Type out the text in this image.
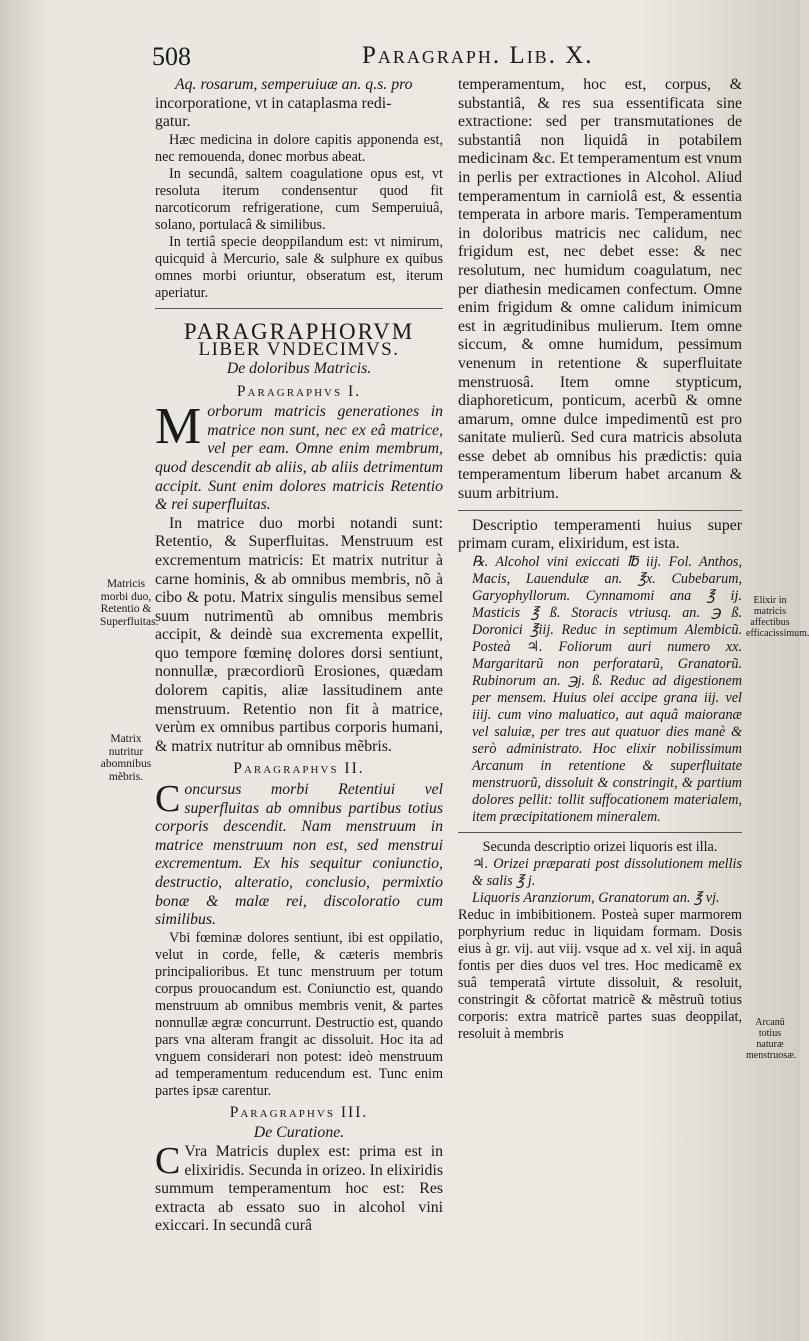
508	Paragraph. Lib. X.

Aq. rosarum, semperuiuæ an. q.s. pro

incorporatione, vt in cataplasma redi-

gatur.

Hæc medicina in dolore capitis apponenda est, nec remouenda, donec morbus abeat.

In secundâ, saltem coagulatione opus est, vt resoluta iterum condensentur quod fit narcoticorum refrigeratione, cum Semperuiuâ, solano, portulacâ & similibus.

In tertiâ specie deoppilandum est: vt nimirum, quicquid à Mercurio, sale & sulphure ex quibus omnes morbi oriuntur, obseratum est, iterum aperiatur.

PARAGRAPHORVM
LIBER VNDECIMVS.
De doloribus Matricis.
Paragraphvs I.

Morborum matricis generationes in matrice non sunt, nec ex eâ matrice, vel per eam. Omne enim membrum, quod descendit ab aliis, ab aliis detrimentum accipit. Sunt enim dolores matricis Retentio & rei superfluitas.

In matrice duo morbi notandi sunt: Retentio, & Superfluitas. Menstruum est excrementum matricis: Et matrix nutritur à carne hominis, & ab omnibus membris, nõ à cibo & potu. Matrix singulis mensibus semel suum nutrimentũ ab omnibus membris accipit, & deindè sua excrementa expellit, quo tempore fœminę dolores dorsi sentiunt, nonnullæ, præcordiorũ Erosiones, quædam dolorem capitis, aliæ lassitudinem ante menstruum. Retentio non fit à matrice, verùm ex omnibus partibus corporis humani, & matrix nutritur ab omnibus mẽbris.

Paragraphvs II.

Concursus morbi Retentiui vel superfluitas ab omnibus partibus totius corporis descendit. Nam menstruum in matrice menstruum non est, sed menstrui excrementum. Ex his sequitur coniunctio, destructio, alteratio, conclusio, permixtio bonæ & malæ rei, discoloratio cum similibus.

Vbi fœminæ dolores sentiunt, ibi est oppilatio, velut in corde, felle, & cæteris membris principalioribus. Et tunc menstruum per totum corpus prouocandum est. Coniunctio est, quando menstruum ab omnibus membris venit, & partes nonnullæ ægræ concurrunt. Destructio est, quando pars vna alteram frangit ac dissoluit. Hoc ita ad vnguem considerari non potest: ideò menstruum ad temperamentum reducendum est. Tunc enim partes ipsæ carentur.

Paragraphvs III.
De Curatione.

C Vra Matricis duplex est: prima est in elixiridis. Secunda in orizeo. In elixiridis summum temperamentum hoc est: Res extracta ab essato suo in alcohol vini exiccari. In secundâ curâ

Matricis morbi duo, Retentio & Superfluitas.
Matrix nutritur abomnibus mẽbris.
Elixir in matricis affectibus efficacissimum.
Arcanũ totius naturæ menstruosæ.

temperamentum, hoc est, corpus, & substantiâ, & res sua essentificata sine extractione: sed per transmutationes de substantiâ non liquidâ in potabilem medicinam &c. Et temperamentum est vnum in perlis per extractiones in Alcohol. Aliud temperamentum in carniolâ est, & essentia temperata in arbore maris. Temperamentum in doloribus matricis nec calidum, nec frigidum est, nec debet esse: & nec resolutum, nec humidum coagulatum, nec per diathesin medicamen confectum. Omne enim frigidum & omne calidum inimicum est in ægritudinibus mulierum. Item omne siccum, & omne humidum, pessimum venenum in retentione & superfluitate menstruosâ. Item omne stypticum, diaphoreticum, ponticum, acerbũ & omne amarum, omne dulce impedimentũ est pro sanitate mulierũ. Sed cura matricis absoluta esse debet ab omnibus his prædictis: quia temperamentum liberum habet arcanum & suum arbitrium.

Descriptio temperamenti huius super primam curam, elixiridum, est ista.

℞. Alcohol vini exiccati ℔ iij. Fol. Anthos, Macis, Lauendulæ an. ℥x. Cubebarum, Garyophyllorum. Cynnamomi ana ℥ ij. Masticis ℥ ß. Storacis vtriusq. an. ℈ ß. Doronici ℥iij. Reduc in septimum Alembicũ. Posteà ♃. Foliorum auri numero xx. Margaritarũ non perforatarũ, Granatorũ. Rubinorum an. ℈j. ß. Reduc ad digestionem per mensem. Huius olei accipe grana iij. vel iiij. cum vino maluatico, aut aquâ maioranæ vel saluiæ, per tres aut quatuor dies manè & serò administrato. Hoc elixir nobilissimum Arcanum in retentione & superfluitate menstruorũ, dissoluit & constringit, & partium dolores pellit: tollit suffocationem materialem, item præcipitationem mineralem.

Secunda descriptio orizei liquoris est illa.

♃. Orizei præparati post dissolutionem mellis & salis ℥ j.

Liquoris Aranziorum, Granatorum an. ℥ vj.

Reduc in imbibitionem. Posteà super marmorem porphyrium reduc in liquidam formam. Dosis eius à gr. vij. aut viij. vsque ad x. vel xij. in aquâ fontis per dies duos vel tres. Hoc medicamẽ ex suâ temperatâ virtute dissoluit, & resoluit, constringit & cõfortat matricẽ & mẽstruũ totius corporis: extra matricẽ partes suas deoppilat, resoluit à membris
